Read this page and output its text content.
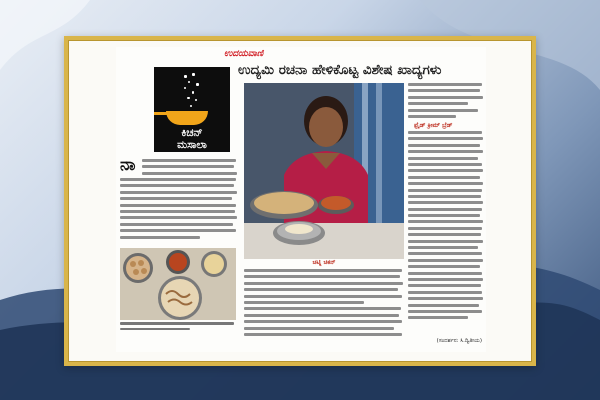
ಉದಯವಾಣಿ
ಉದ್ಯಮಿ ರಚನಾ ಹೇಳಿಕೊಟ್ಟ ವಿಶೇಷ ಖಾದ್ಯಗಳು
ಕಿಚನ್
ಮಸಾಲಾ
ನಾ
ಚಟ್ನಿ ಚಿಕನ್
ಫ್ರೈಡ್ ಕ್ರೀಮ್ ಬ್ರೆಡ್
(ಸಂದರ್ಶನ: ಸಿ.ದ್ವಿತೀಯ)
